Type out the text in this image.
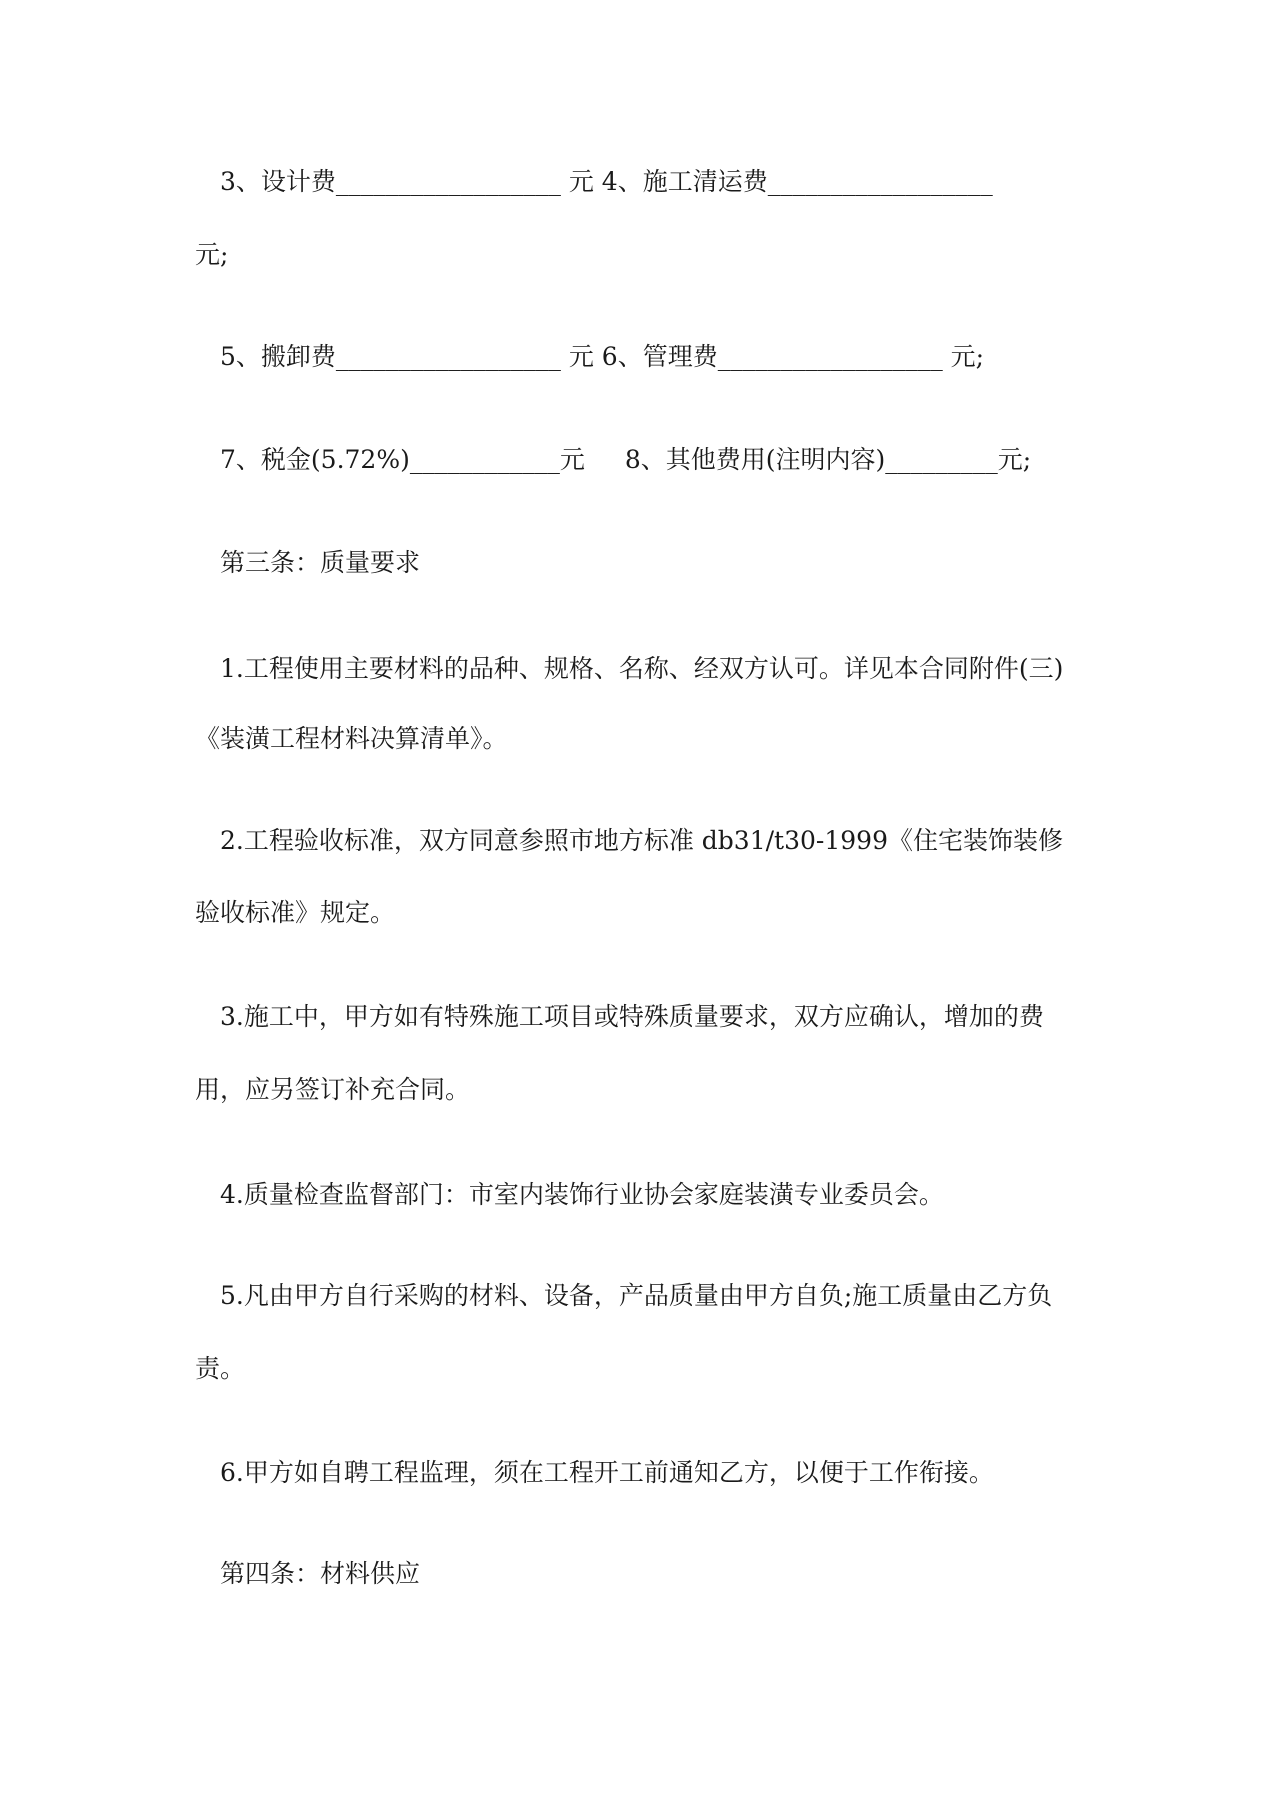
3、设计费__________________ 元 4、施工清运费__________________
元;
5、搬卸费__________________ 元 6、管理费__________________ 元;
7、税金(5.72%)____________元 8、其他费用(注明内容)_________元;
第三条：质量要求
1.工程使用主要材料的品种、规格、名称、经双方认可。详见本合同附件(三)
《装潢工程材料决算清单》。
2.工程验收标准，双方同意参照市地方标准 db31/t30-1999《住宅装饰装修
验收标准》规定。
3.施工中，甲方如有特殊施工项目或特殊质量要求，双方应确认，增加的费
用，应另签订补充合同。
4.质量检查监督部门：市室内装饰行业协会家庭装潢专业委员会。
5.凡由甲方自行采购的材料、设备，产品质量由甲方自负;施工质量由乙方负
责。
6.甲方如自聘工程监理，须在工程开工前通知乙方，以便于工作衔接。
第四条：材料供应
